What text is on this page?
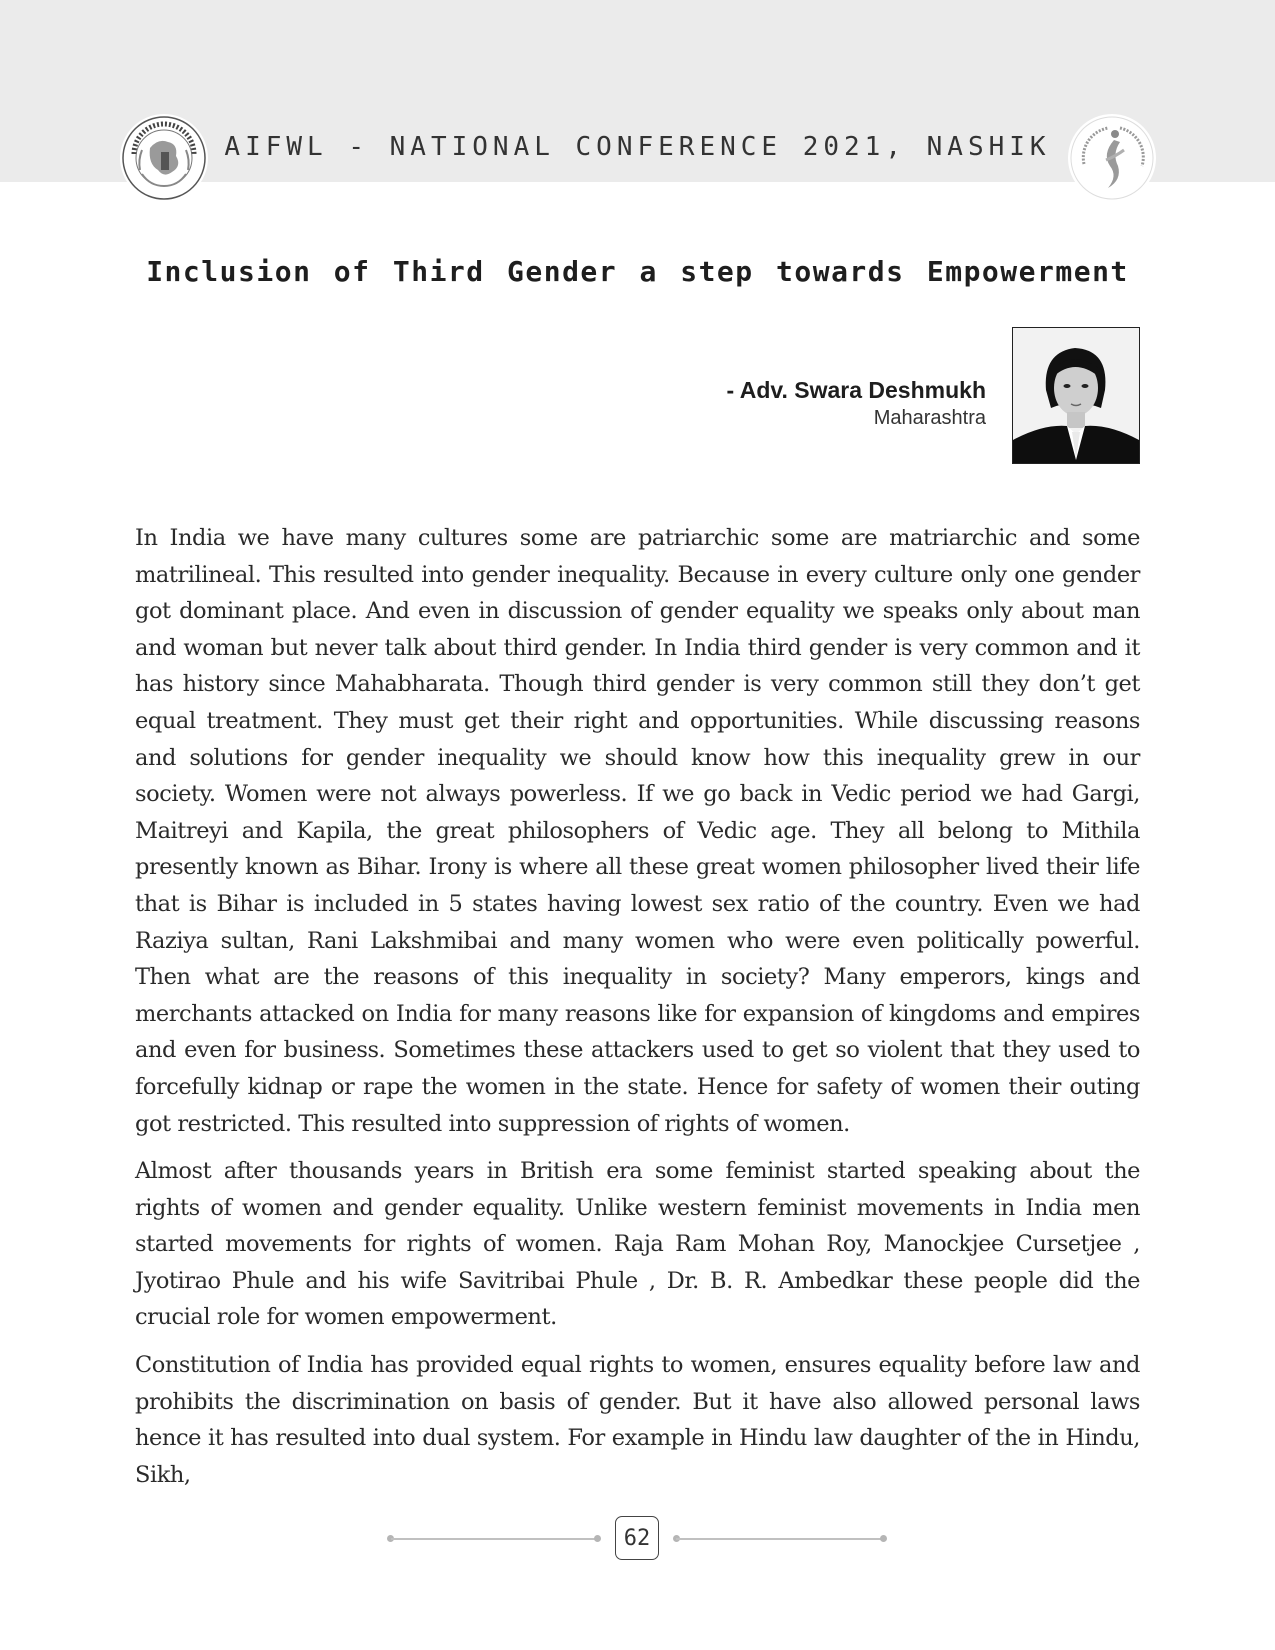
AIFWL - NATIONAL CONFERENCE 2021, NASHIK
Inclusion of Third Gender a step towards Empowerment
- Adv. Swara Deshmukh
Maharashtra

In India we have many cultures some are patriarchic some are matriarchic and some matrilineal. This resulted into gender inequality. Because in every culture only one gender got dominant place. And even in discussion of gender equality we speaks only about man and woman but never talk about third gender. In India third gender is very common and it has history since Mahabharata. Though third gender is very common still they don’t get equal treatment. They must get their right and opportunities. While discussing reasons and solutions for gender inequality we should know how this inequality grew in our society. Women were not always powerless. If we go back in Vedic period we had Gargi, Maitreyi and Kapila, the great philosophers of Vedic age. They all belong to Mithila presently known as Bihar. Irony is where all these great women philosopher lived their life that is Bihar is included in 5 states having lowest sex ratio of the country. Even we had Raziya sultan, Rani Lakshmibai and many women who were even politically powerful. Then what are the reasons of this inequality in society? Many emperors, kings and merchants attacked on India for many reasons like for expansion of kingdoms and empires and even for business. Sometimes these attackers used to get so violent that they used to forcefully kidnap or rape the women in the state. Hence for safety of women their outing got restricted. This resulted into suppression of rights of women.

Almost after thousands years in British era some feminist started speaking about the rights of women and gender equality. Unlike western feminist movements in India men started movements for rights of women. Raja Ram Mohan Roy, Manockjee Cursetjee , Jyotirao Phule and his wife Savitribai Phule , Dr. B. R. Ambedkar these people did the crucial role for women empowerment.

Constitution of India has provided equal rights to women, ensures equality before law and prohibits the discrimination on basis of gender. But it have also allowed personal laws hence it has resulted into dual system. For example in Hindu law daughter of the in Hindu, Sikh,

62
